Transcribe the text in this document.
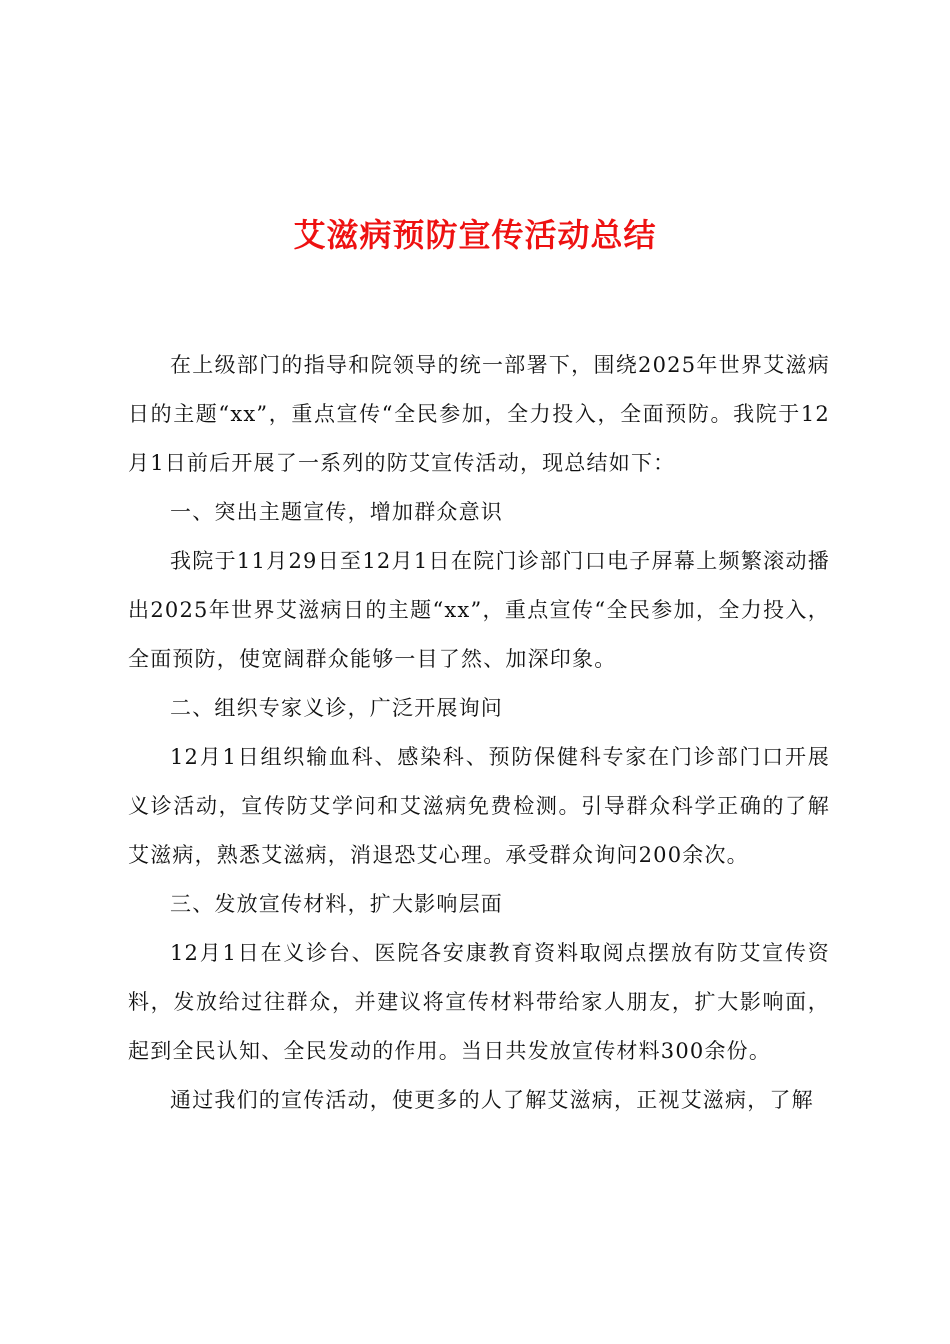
艾滋病预防宣传活动总结

在上级部门的指导和院领导的统一部署下，围绕2025年世界艾滋病日的主题“xx”，重点宣传“全民参加，全力投入，全面预防。我院于12月1日前后开展了一系列的防艾宣传活动，现总结如下：

一、突出主题宣传，增加群众意识

我院于11月29日至12月1日在院门诊部门口电子屏幕上频繁滚动播出2025年世界艾滋病日的主题“xx”，重点宣传“全民参加，全力投入，全面预防，使宽阔群众能够一目了然、加深印象。

二、组织专家义诊，广泛开展询问

12月1日组织输血科、感染科、预防保健科专家在门诊部门口开展义诊活动，宣传防艾学问和艾滋病免费检测。引导群众科学正确的了解艾滋病，熟悉艾滋病，消退恐艾心理。承受群众询问200余次。

三、发放宣传材料，扩大影响层面

12月1日在义诊台、医院各安康教育资料取阅点摆放有防艾宣传资料，发放给过往群众，并建议将宣传材料带给家人朋友，扩大影响面，起到全民认知、全民发动的作用。当日共发放宣传材料300余份。

通过我们的宣传活动，使更多的人了解艾滋病，正视艾滋病，了解
